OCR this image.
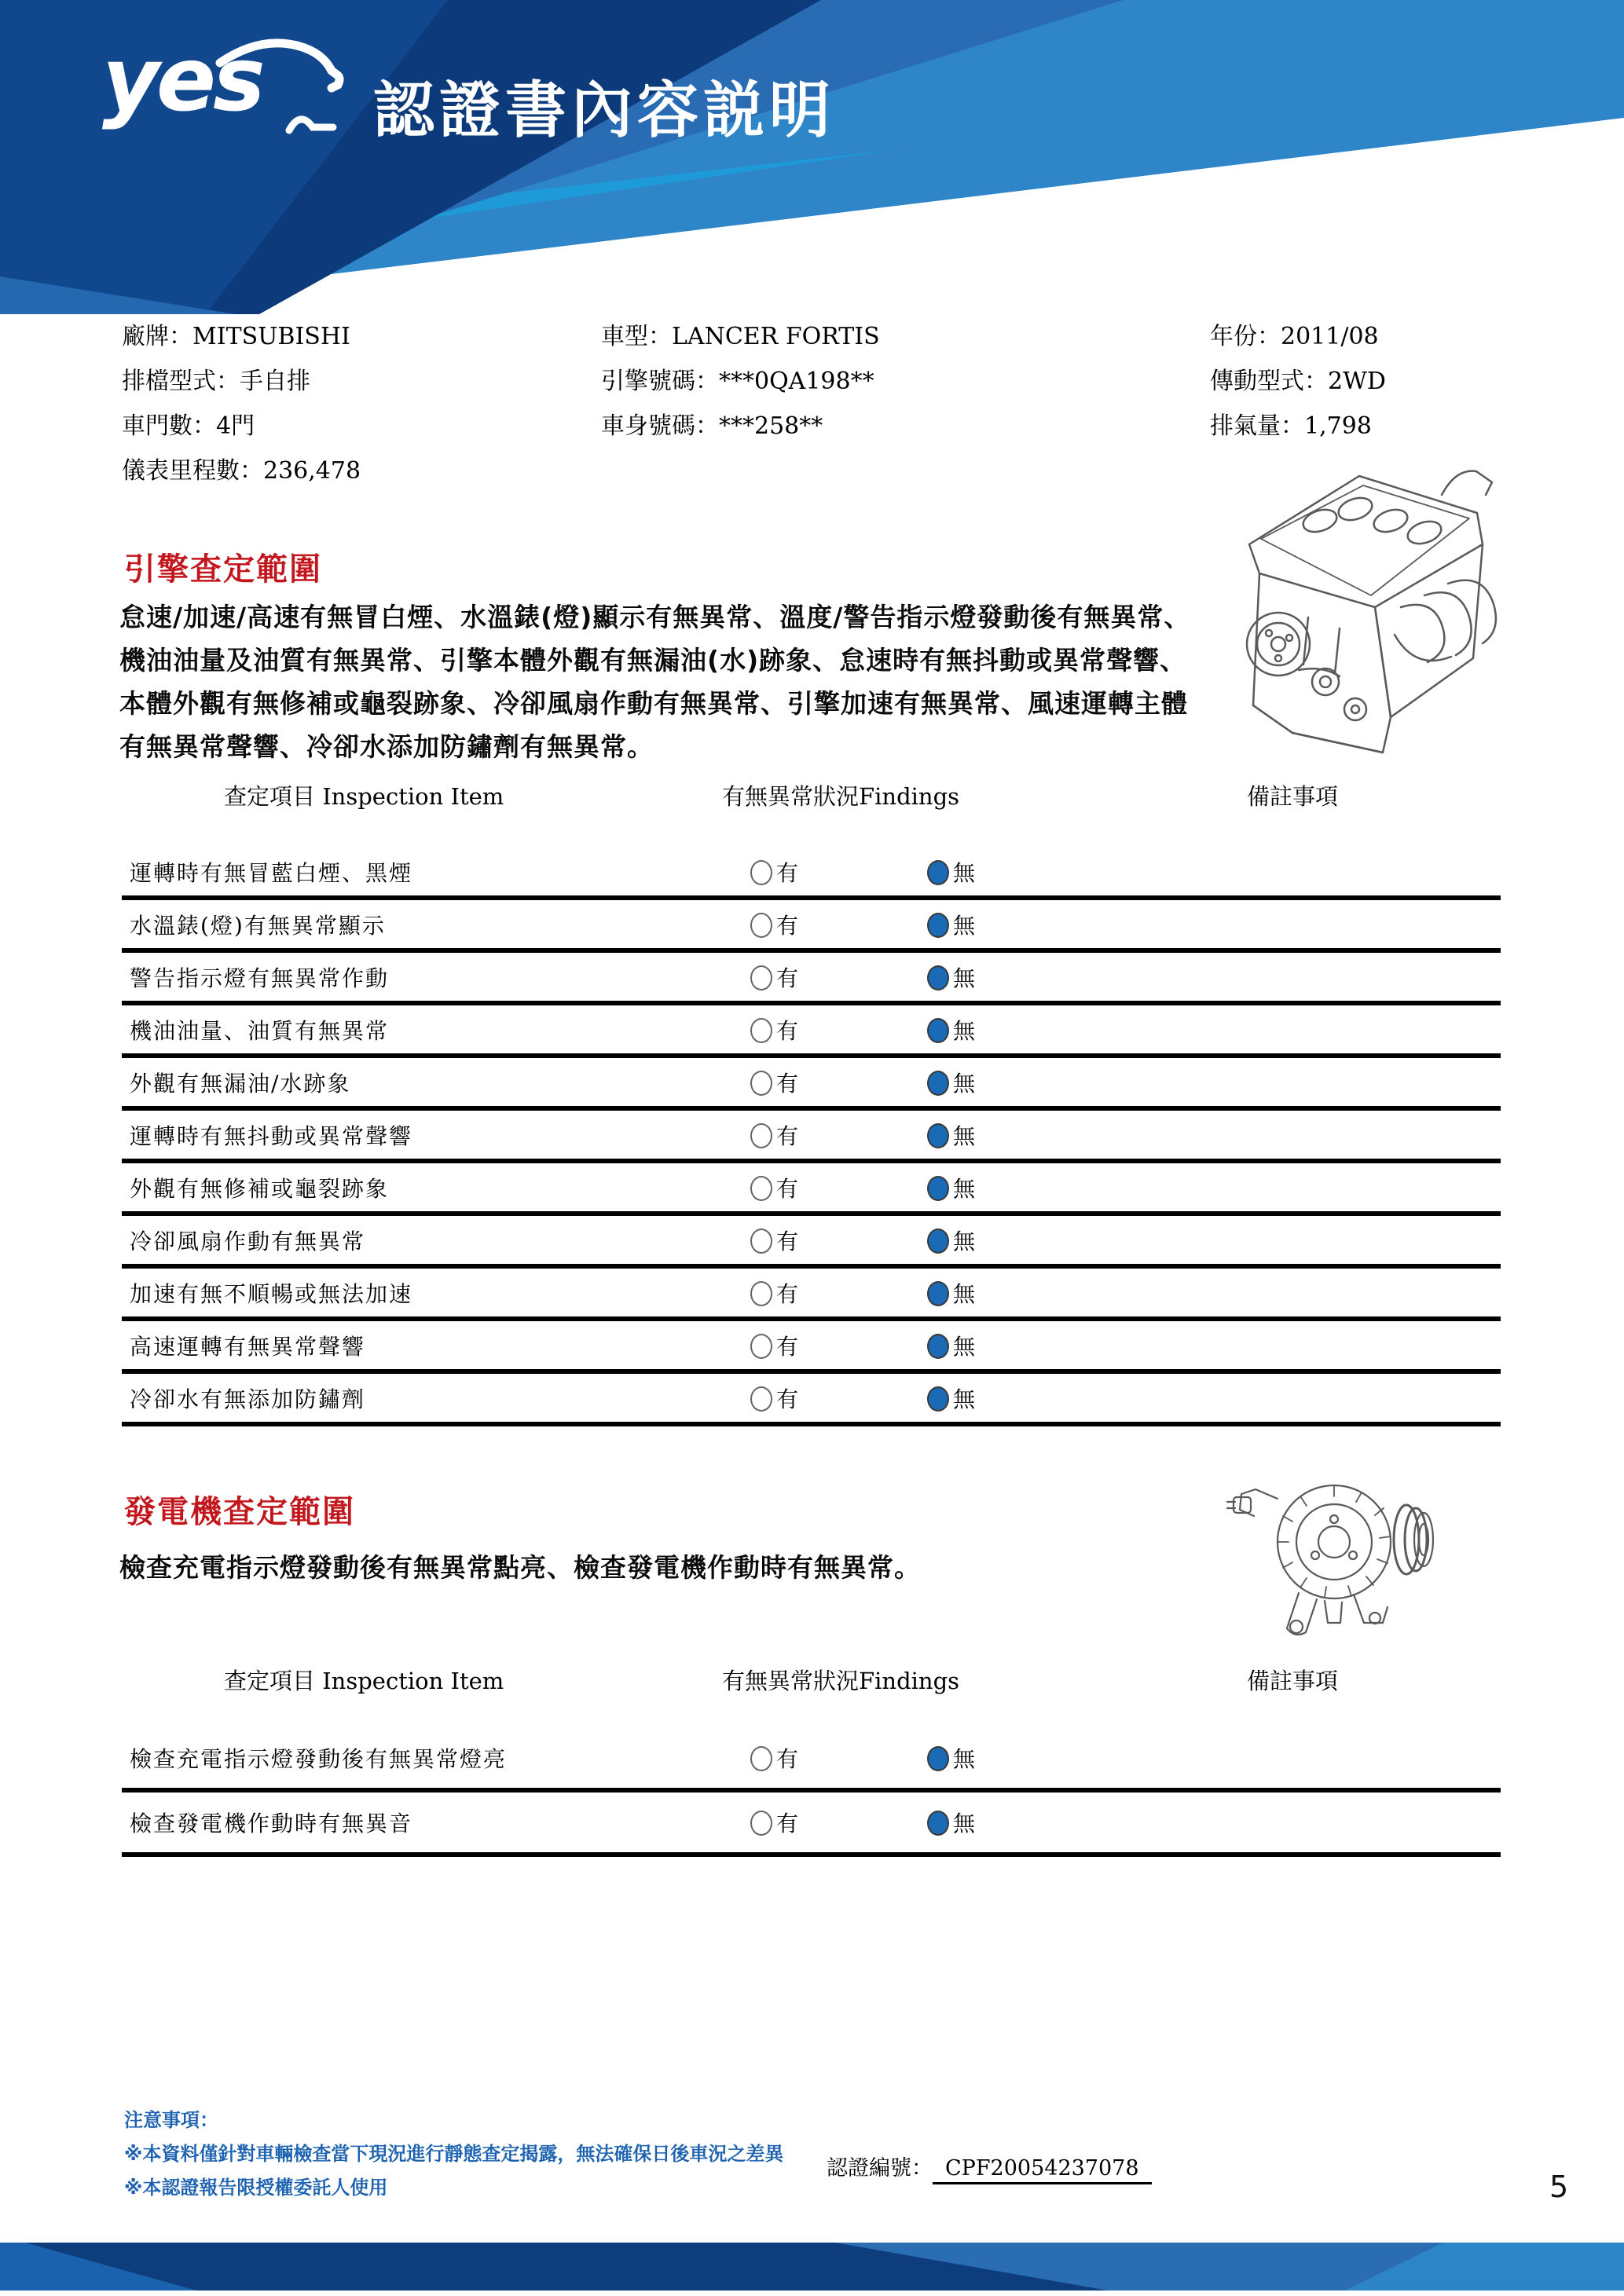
yes 認證書內容説明
廠牌：MITSUBISHI
排檔型式：手自排
車門數：4門
儀表里程數：236,478
車型：LANCER FORTIS
引擎號碼：***0QA198**
車身號碼：***258**
年份：2011/08
傳動型式：2WD
排氣量：1,798
引擎查定範圍
怠速/加速/高速有無冒白煙、水溫錶(燈)顯示有無異常、溫度/警告指示燈發動後有無異常、
機油油量及油質有無異常、引擎本體外觀有無漏油(水)跡象、怠速時有無抖動或異常聲響、
本體外觀有無修補或龜裂跡象、冷卻風扇作動有無異常、引擎加速有無異常、風速運轉主體
有無異常聲響、冷卻水添加防鏽劑有無異常。
查定項目 Inspection Item	有無異常狀況Findings	備註事項
運轉時有無冒藍白煙、黑煙	有	無
水溫錶(燈)有無異常顯示	有	無
警告指示燈有無異常作動	有	無
機油油量、油質有無異常	有	無
外觀有無漏油/水跡象	有	無
運轉時有無抖動或異常聲響	有	無
外觀有無修補或龜裂跡象	有	無
冷卻風扇作動有無異常	有	無
加速有無不順暢或無法加速	有	無
高速運轉有無異常聲響	有	無
冷卻水有無添加防鏽劑	有	無
發電機查定範圍
檢查充電指示燈發動後有無異常點亮、檢查發電機作動時有無異常。
查定項目 Inspection Item	有無異常狀況Findings	備註事項
檢查充電指示燈發動後有無異常燈亮	有	無
檢查發電機作動時有無異音	有	無
注意事項：
※本資料僅針對車輛檢查當下現況進行靜態查定揭露，無法確保日後車況之差異
※本認證報告限授權委託人使用
認證編號： CPF20054237078
5
